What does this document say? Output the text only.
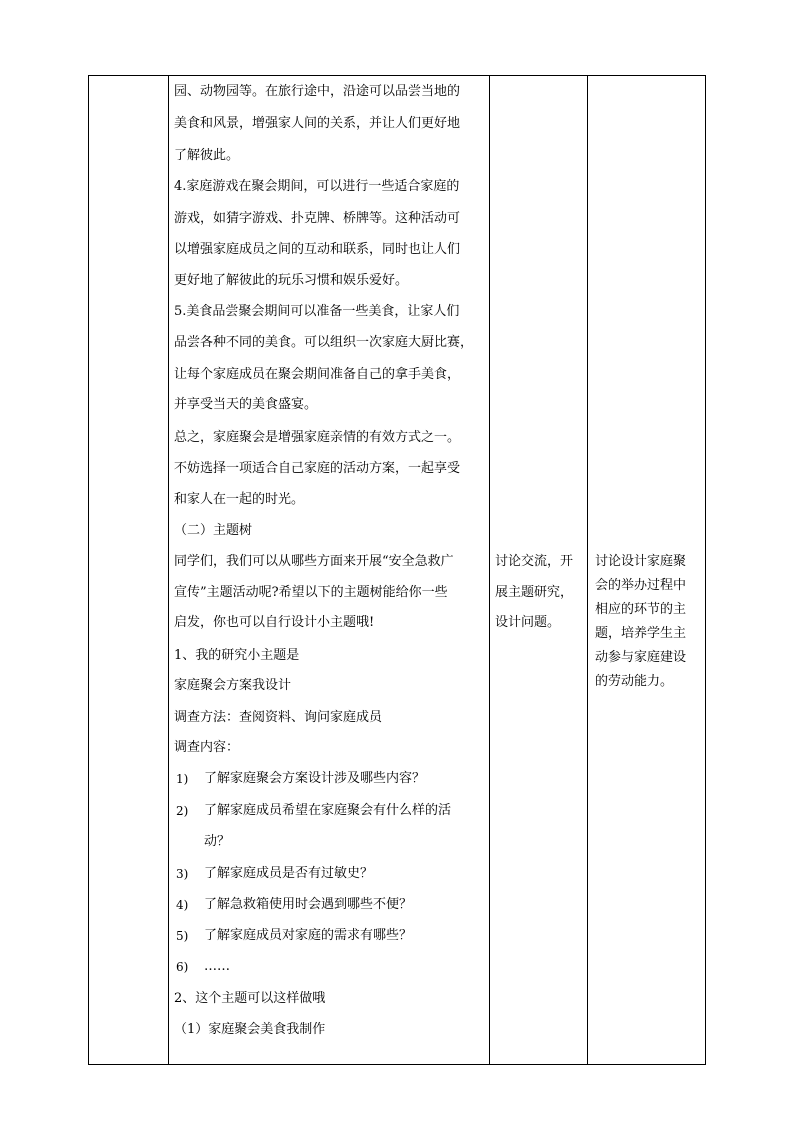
园、动物园等。在旅行途中，沿途可以品尝当地的
美食和风景，增强家人间的关系，并让人们更好地
了解彼此。
4.家庭游戏在聚会期间，可以进行一些适合家庭的
游戏，如猜字游戏、扑克牌、桥牌等。这种活动可
以增强家庭成员之间的互动和联系，同时也让人们
更好地了解彼此的玩乐习惯和娱乐爱好。
5.美食品尝聚会期间可以准备一些美食，让家人们
品尝各种不同的美食。可以组织一次家庭大厨比赛，
让每个家庭成员在聚会期间准备自己的拿手美食，
并享受当天的美食盛宴。
总之，家庭聚会是增强家庭亲情的有效方式之一。
不妨选择一项适合自己家庭的活动方案，一起享受
和家人在一起的时光。
（二）主题树
同学们，我们可以从哪些方面来开展“安全急救广
宣传”主题活动呢?希望以下的主题树能给你一些
启发，你也可以自行设计小主题哦!
1、我的研究小主题是
家庭聚会方案我设计
调查方法：查阅资料、询问家庭成员
调查内容：
1) 了解家庭聚会方案设计涉及哪些内容？
2) 了解家庭成员希望在家庭聚会有什么样的活
动？
3) 了解家庭成员是否有过敏史？
4) 了解急救箱使用时会遇到哪些不便？
5) 了解家庭成员对家庭的需求有哪些？
6) ……
2、这个主题可以这样做哦
（1）家庭聚会美食我制作
讨论交流，开
展主题研究，
设计问题。
讨论设计家庭聚
会的举办过程中
相应的环节的主
题，培养学生主
动参与家庭建设
的劳动能力。
